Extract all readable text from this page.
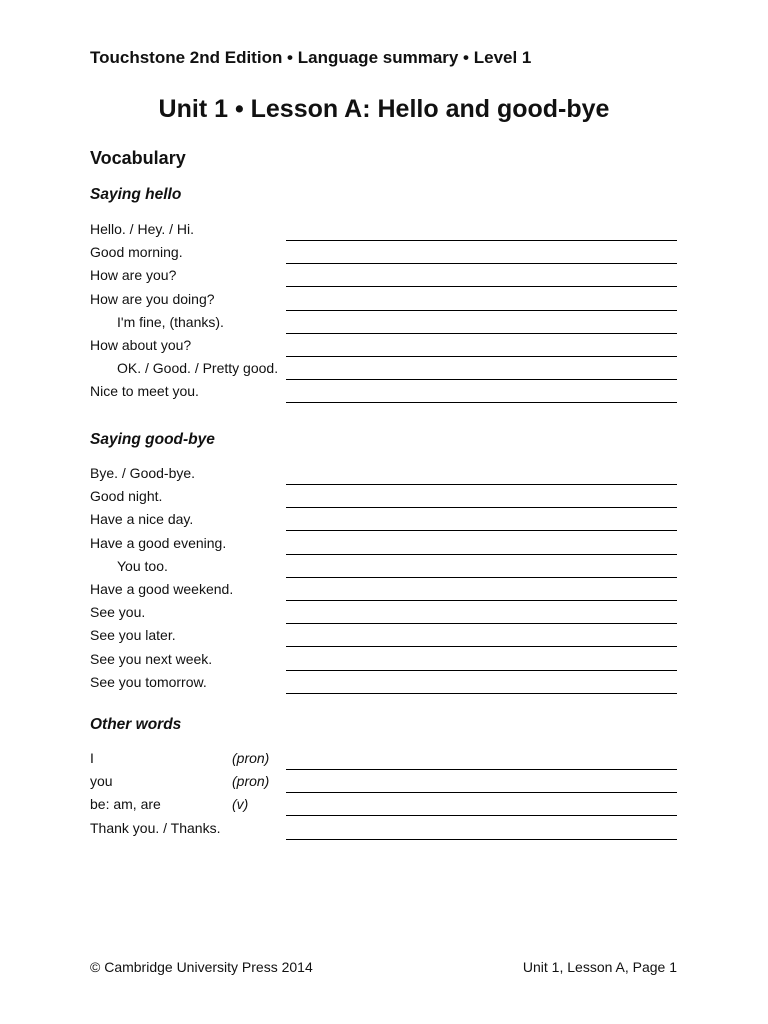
Touchstone 2nd Edition • Language summary • Level 1
Unit 1 • Lesson A: Hello and good-bye
Vocabulary
Saying hello
Hello. / Hey. / Hi.
Good morning.
How are you?
How are you doing?
I'm fine, (thanks).
How about you?
OK. / Good. / Pretty good.
Nice to meet you.
Saying good-bye
Bye. / Good-bye.
Good night.
Have a nice day.
Have a good evening.
You too.
Have a good weekend.
See you.
See you later.
See you next week.
See you tomorrow.
Other words
I	(pron)
you	(pron)
be: am, are	(v)
Thank you. / Thanks.
© Cambridge University Press 2014	Unit 1, Lesson A, Page 1
